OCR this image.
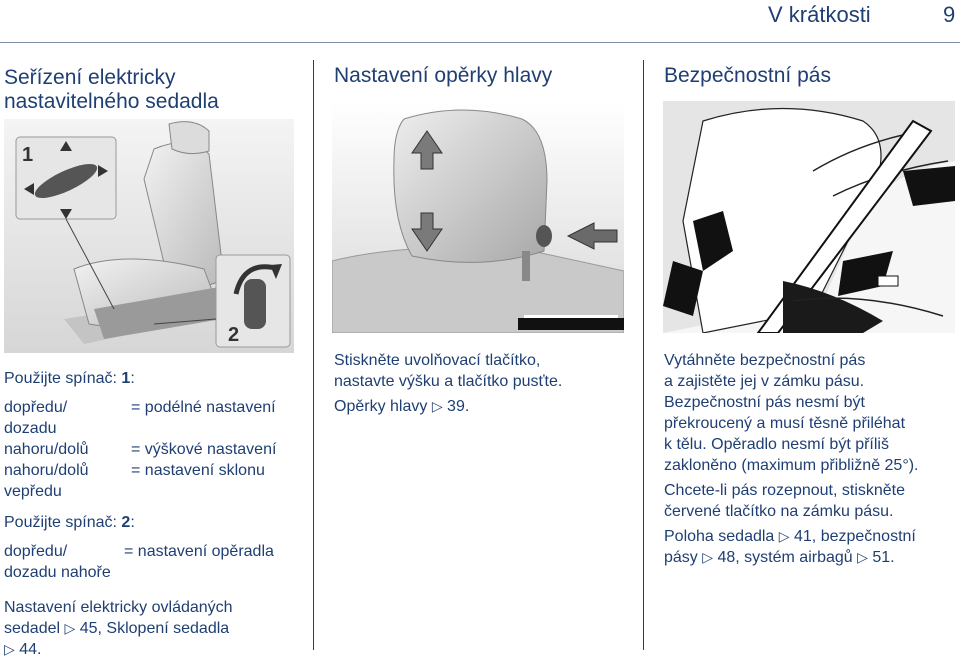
V krátkosti	9
Seřízení elektricky
nastavitelného sedadla
1
2
Použijte spínač: 1:
dopředu/	= podélné nastavení
dozadu
nahoru/dolů	= výškové nastavení
nahoru/dolů	= nastavení sklonu
vepředu
Použijte spínač: 2:
dopředu/	= nastavení opěradla
dozadu nahoře
Nastavení elektricky ovládaných
sedadel ▷ 45, Sklopení sedadla
▷ 44.
Nastavení opěrky hlavy
Stiskněte uvolňovací tlačítko,
nastavte výšku a tlačítko pusťte.
Opěrky hlavy ▷ 39.
Bezpečnostní pás
Vytáhněte bezpečnostní pás
a zajistěte jej v zámku pásu.
Bezpečnostní pás nesmí být
překroucený a musí těsně přiléhat
k tělu. Opěradlo nesmí být příliš
zakloněno (maximum přibližně 25°).
Chcete-li pás rozepnout, stiskněte
červené tlačítko na zámku pásu.
Poloha sedadla ▷ 41, bezpečnostní
pásy ▷ 48, systém airbagů ▷ 51.
